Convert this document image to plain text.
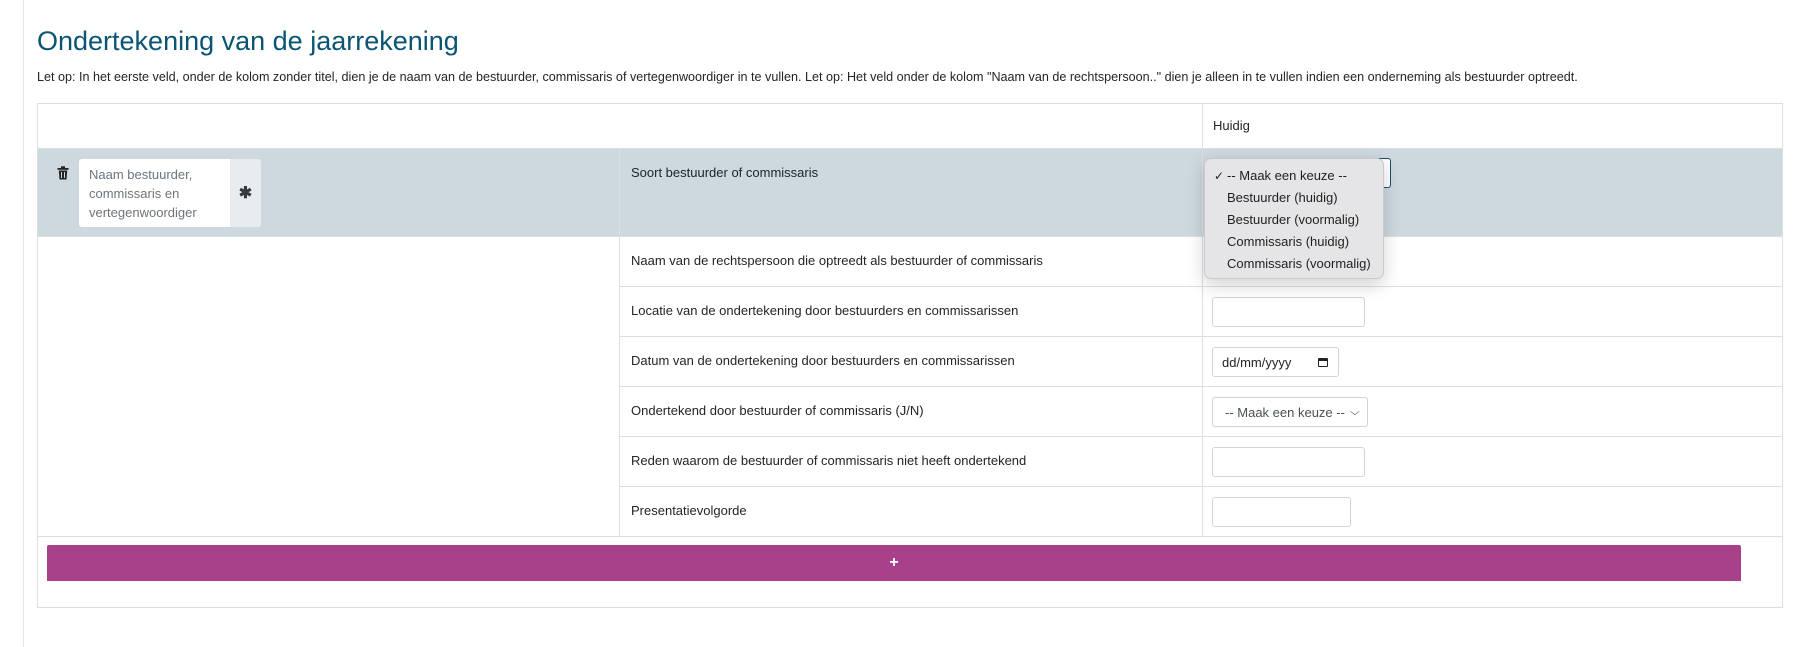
Ondertekening van de jaarrekening
Let op: In het eerste veld, onder de kolom zonder titel, dien je de naam van de bestuurder, commissaris of vertegenwoordiger in te vullen. Let op: Het veld onder de kolom "Naam van de rechtspersoon.." dien je alleen in te vullen indien een onderneming als bestuurder optreedt.
Huidig
Naam bestuurder, commissaris en vertegenwoordiger
✱
Soort bestuurder of commissaris
Naam van de rechtspersoon die optreedt als bestuurder of commissaris
Locatie van de ondertekening door bestuurders en commissarissen
Datum van de ondertekening door bestuurders en commissarissen
Ondertekend door bestuurder of commissaris (J/N)
Reden waarom de bestuurder of commissaris niet heeft ondertekend
Presentatievolgorde
dd/mm/yyyy
-- Maak een keuze -- ⌵
✓ -- Maak een keuze --
Bestuurder (huidig)
Bestuurder (voormalig)
Commissaris (huidig)
Commissaris (voormalig)
+
